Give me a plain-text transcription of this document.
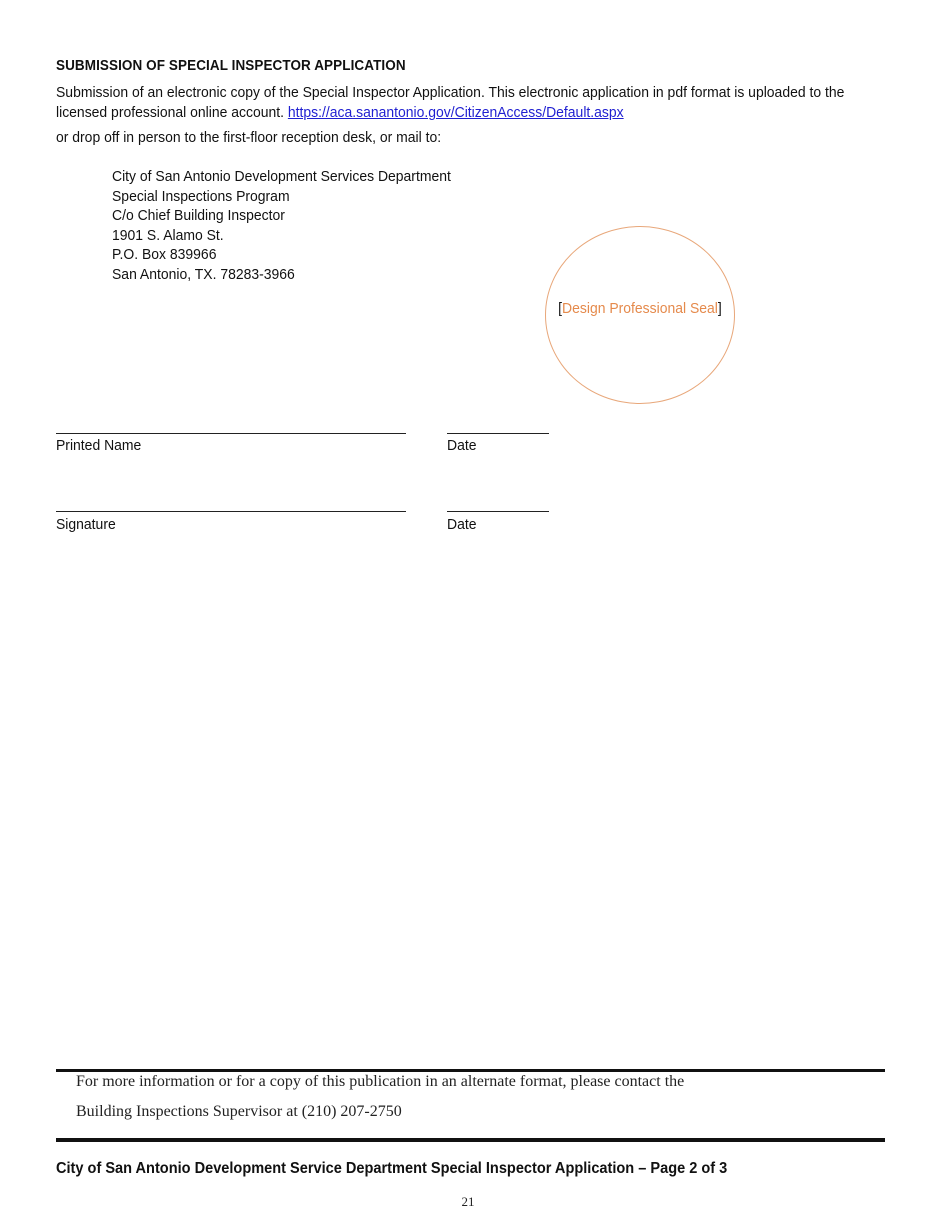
SUBMISSION OF SPECIAL INSPECTOR APPLICATION
Submission of an electronic copy of the Special Inspector Application. This electronic application in pdf format is uploaded to the licensed professional online account. https://aca.sanantonio.gov/CitizenAccess/Default.aspx
or drop off in person to the first-floor reception desk, or mail to:
City of San Antonio Development Services Department
Special Inspections Program
C/o Chief Building Inspector
1901 S. Alamo St.
P.O. Box 839966
San Antonio, TX. 78283-3966
[Design Professional Seal]
Printed Name	Date
Signature	Date
For more information or for a copy of this publication in an alternate format, please contact the
Building Inspections Supervisor at (210) 207-2750
City of San Antonio Development Service Department Special Inspector Application – Page 2 of 3
21
